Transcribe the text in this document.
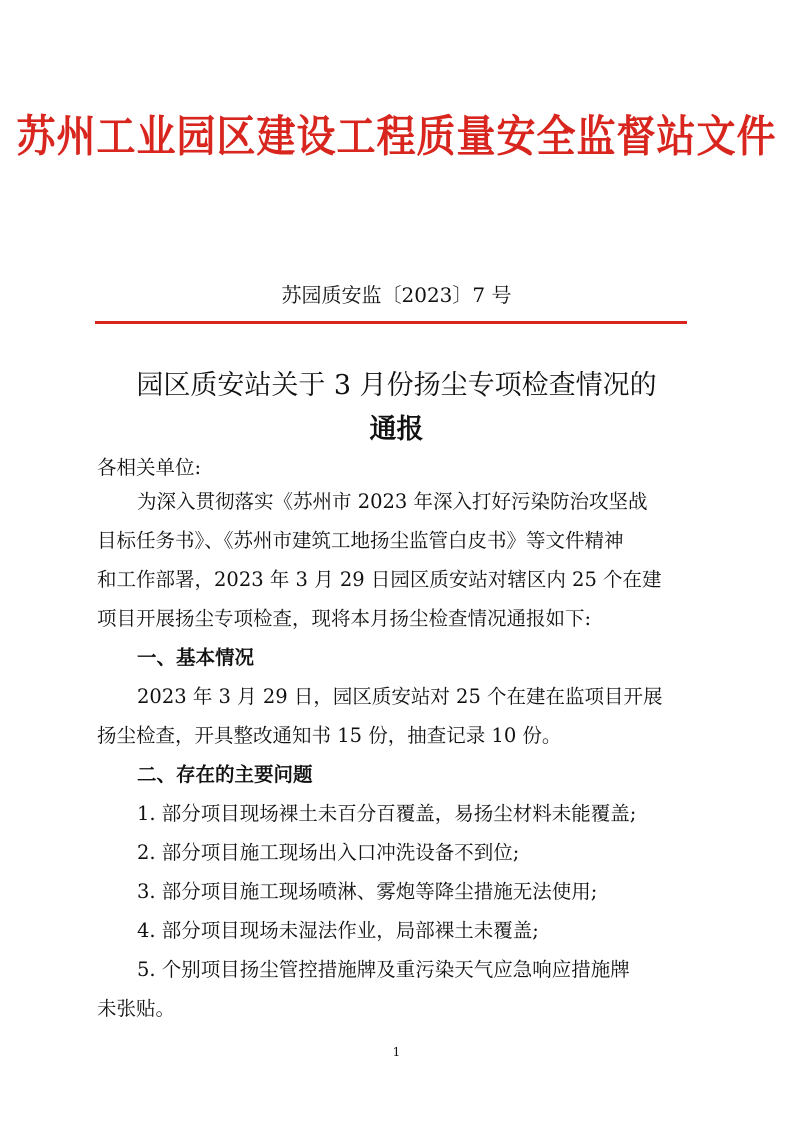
苏州工业园区建设工程质量安全监督站文件
苏园质安监〔2023〕7 号
园区质安站关于 3 月份扬尘专项检查情况的
通报
各相关单位:
为深入贯彻落实《苏州市 2023 年深入打好污染防治攻坚战
目标任务书》、《苏州市建筑工地扬尘监管白皮书》等文件精神
和工作部署，2023 年 3 月 29 日园区质安站对辖区内 25 个在建
项目开展扬尘专项检查，现将本月扬尘检查情况通报如下:
一、基本情况
2023 年 3 月 29 日，园区质安站对 25 个在建在监项目开展
扬尘检查，开具整改通知书 15 份，抽查记录 10 份。
二、存在的主要问题
1. 部分项目现场裸土未百分百覆盖，易扬尘材料未能覆盖;
2. 部分项目施工现场出入口冲洗设备不到位;
3. 部分项目施工现场喷淋、雾炮等降尘措施无法使用;
4. 部分项目现场未湿法作业，局部裸土未覆盖;
5. 个别项目扬尘管控措施牌及重污染天气应急响应措施牌
未张贴。
1
